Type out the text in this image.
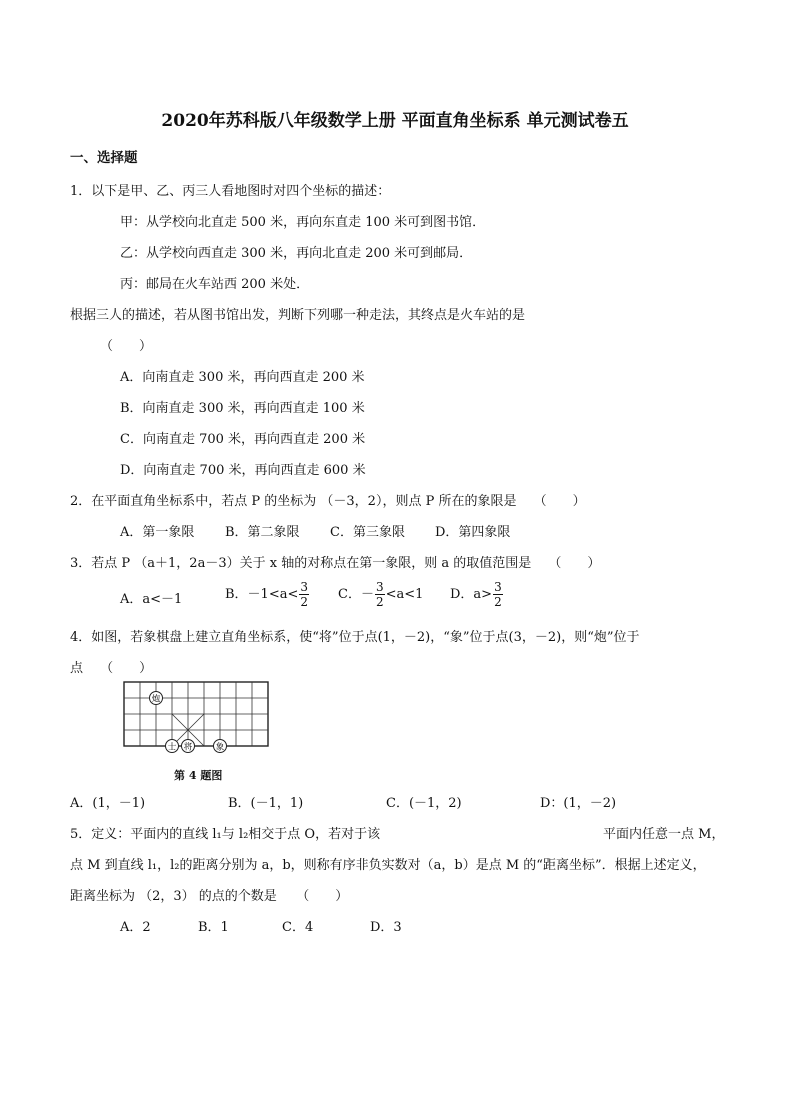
2020年苏科版八年级数学上册 平面直角坐标系 单元测试卷五
一、选择题
1．以下是甲、乙、丙三人看地图时对四个坐标的描述：
甲：从学校向北直走 500 米，再向东直走 100 米可到图书馆．
乙：从学校向西直走 300 米，再向北直走 200 米可到邮局．
丙：邮局在火车站西 200 米处．
根据三人的描述，若从图书馆出发，判断下列哪一种走法，其终点是火车站的是
（　　）
A．向南直走 300 米，再向西直走 200 米
B．向南直走 300 米，再向西直走 100 米
C．向南直走 700 米，再向西直走 200 米
D．向南直走 700 米，再向西直走 600 米
2．在平面直角坐标系中，若点 P 的坐标为 （－3，2），则点 P 所在的象限是　 （　　）
A．第一象限 B．第二象限 C．第三象限 D．第四象限
3．若点 P （a＋1，2a－3）关于 x 轴的对称点在第一象限，则 a 的取值范围是　 （　　）
A．a<－1	B．$-1<a< \frac{3}{2}$ C．－ $\frac{3}{2} <a<1$ D．$a> \frac{3}{2}$
4．如图，若象棋盘上建立直角坐标系，使“将”位于点(1，－2)，“象”位于点(3，－2)，则“炮”位于
点　 （　　）
炮
士 将	象
第 4 题图
A．(1，－1)	B．(－1，1)	C．(－1，2)	D：(1，－2)
5．定义：平面内的直线 l₁与 l₂相交于点 O，若对于该	平面内任意一点 M，
点 M 到直线 l₁，l₂的距离分别为 a，b，则称有序非负实数对（a，b）是点 M 的“距离坐标”．根据上述定义，
距离坐标为 （2，3） 的点的个数是　　（　　）
A．2	B．1	C．4	D．3
